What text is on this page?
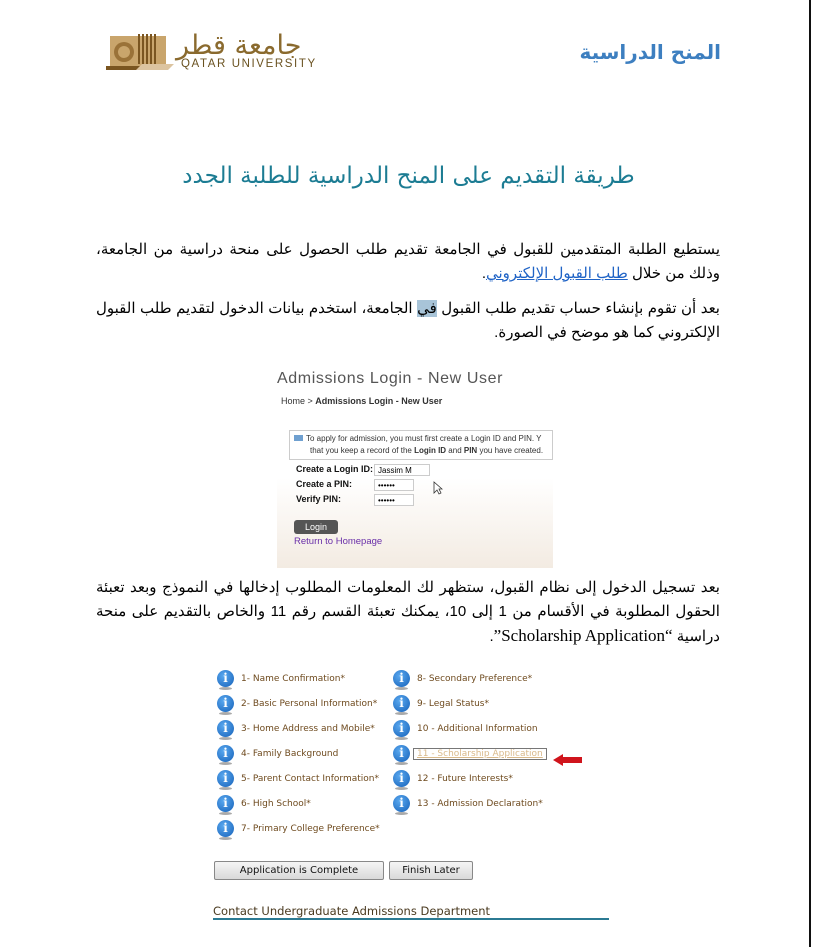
جامعة قطر
QATAR UNIVERSITY	المنح الدراسية
طريقة التقديم على المنح الدراسية للطلبة الجدد
يستطيع الطلبة المتقدمين للقبول في الجامعة تقديم طلب الحصول على منحة دراسية من الجامعة، وذلك من خلال طلب القبول الإلكتروني.
بعد أن تقوم بإنشاء حساب تقديم طلب القبول في الجامعة، استخدم بيانات الدخول لتقديم طلب القبول الإلكتروني كما هو موضح في الصورة.
Admissions Login - New User
Home > Admissions Login - New User
To apply for admission, you must first create a Login ID and PIN. Y
that you keep a record of the Login ID and PIN you have created.
Create a Login ID:
Jassim M
Create a PIN:
••••••
Verify PIN:
••••••
Login
Return to Homepage
بعد تسجيل الدخول إلى نظام القبول، ستظهر لك المعلومات المطلوب إدخالها في النموذج وبعد تعبئة الحقول المطلوبة في الأقسام من 1 إلى 10، يمكنك تعبئة القسم رقم 11 والخاص بالتقديم على منحة دراسية “Scholarship Application”.
Application is Complete	Finish Later
Contact Undergraduate Admissions Department
i	1- Name Confirmation*
i	2- Basic Personal Information*
i	3- Home Address and Mobile*
i	4- Family Background
i	5- Parent Contact Information*
i	6- High School*
i	7- Primary College Preference*
i	8- Secondary Preference*
i	9- Legal Status*
i	10 - Additional Information
i	11 - Scholarship Application
i	12 - Future Interests*
i	13 - Admission Declaration*
